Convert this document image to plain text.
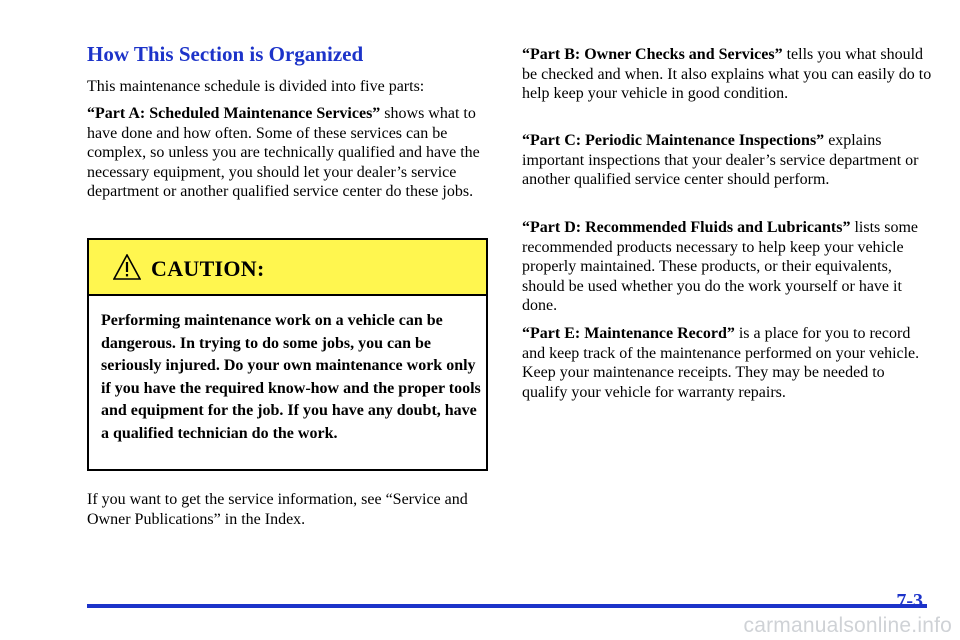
How This Section is Organized

This maintenance schedule is divided into five parts:

“Part A: Scheduled Maintenance Services” shows what to have done and how often. Some of these services can be complex, so unless you are technically qualified and have the necessary equipment, you should let your dealer’s service department or another qualified service center do these jobs.

CAUTION:

Performing maintenance work on a vehicle can be dangerous. In trying to do some jobs, you can be seriously injured. Do your own maintenance work only if you have the required know-how and the proper tools and equipment for the job. If you have any doubt, have a qualified technician do the work.

If you want to get the service information, see “Service and Owner Publications” in the Index.

“Part B: Owner Checks and Services” tells you what should be checked and when. It also explains what you can easily do to help keep your vehicle in good condition.

“Part C: Periodic Maintenance Inspections” explains important inspections that your dealer’s service department or another qualified service center should perform.

“Part D: Recommended Fluids and Lubricants” lists some recommended products necessary to help keep your vehicle properly maintained. These products, or their equivalents, should be used whether you do the work yourself or have it done.

“Part E: Maintenance Record” is a place for you to record and keep track of the maintenance performed on your vehicle. Keep your maintenance receipts. They may be needed to qualify your vehicle for warranty repairs.

7-3
carmanualsonline.info
